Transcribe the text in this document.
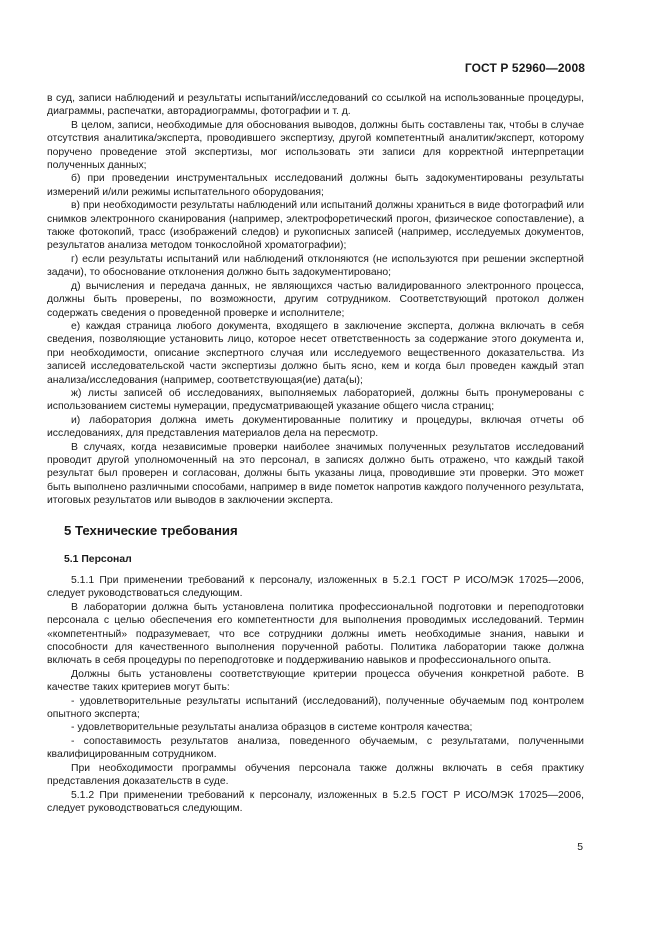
ГОСТ Р 52960—2008

в суд, записи наблюдений и результаты испытаний/исследований со ссылкой на использованные процедуры, диаграммы, распечатки, авторадиограммы, фотографии и т. д.

В целом, записи, необходимые для обоснования выводов, должны быть составлены так, чтобы в случае отсутствия аналитика/эксперта, проводившего экспертизу, другой компетентный аналитик/эксперт, которому поручено проведение этой экспертизы, мог использовать эти записи для корректной интерпретации полученных данных;

б) при проведении инструментальных исследований должны быть задокументированы результаты измерений и/или режимы испытательного оборудования;

в) при необходимости результаты наблюдений или испытаний должны храниться в виде фотографий или снимков электронного сканирования (например, электрофоретический прогон, физическое сопоставление), а также фотокопий, трасс (изображений следов) и рукописных записей (например, исследуемых документов, результатов анализа методом тонкослойной хроматографии);

г) если результаты испытаний или наблюдений отклоняются (не используются при решении экспертной задачи), то обоснование отклонения должно быть задокументировано;

д) вычисления и передача данных, не являющихся частью валидированного электронного процесса, должны быть проверены, по возможности, другим сотрудником. Соответствующий протокол должен содержать сведения о проведенной проверке и исполнителе;

е) каждая страница любого документа, входящего в заключение эксперта, должна включать в себя сведения, позволяющие установить лицо, которое несет ответственность за содержание этого документа и, при необходимости, описание экспертного случая или исследуемого вещественного доказательства. Из записей исследовательской части экспертизы должно быть ясно, кем и когда был проведен каждый этап анализа/исследования (например, соответствующая(ие) дата(ы);

ж) листы записей об исследованиях, выполняемых лабораторией, должны быть пронумерованы с использованием системы нумерации, предусматривающей указание общего числа страниц;

и) лаборатория должна иметь документированные политику и процедуры, включая отчеты об исследованиях, для представления материалов дела на пересмотр.

В случаях, когда независимые проверки наиболее значимых полученных результатов исследований проводит другой уполномоченный на это персонал, в записях должно быть отражено, что каждый такой результат был проверен и согласован, должны быть указаны лица, проводившие эти проверки. Это может быть выполнено различными способами, например в виде пометок напротив каждого полученного результата, итоговых результатов или выводов в заключении эксперта.

5 Технические требования
5.1 Персонал

5.1.1 При применении требований к персоналу, изложенных в 5.2.1 ГОСТ Р ИСО/МЭК 17025—2006, следует руководствоваться следующим.

В лаборатории должна быть установлена политика профессиональной подготовки и переподготовки персонала с целью обеспечения его компетентности для выполнения проводимых исследований. Термин «компетентный» подразумевает, что все сотрудники должны иметь необходимые знания, навыки и способности для качественного выполнения порученной работы. Политика лаборатории также должна включать в себя процедуры по переподготовке и поддерживанию навыков и профессионального опыта.

Должны быть установлены соответствующие критерии процесса обучения конкретной работе. В качестве таких критериев могут быть:

- удовлетворительные результаты испытаний (исследований), полученные обучаемым под контролем опытного эксперта;

- удовлетворительные результаты анализа образцов в системе контроля качества;

- сопоставимость результатов анализа, поведенного обучаемым, с результатами, полученными квалифицированным сотрудником.

При необходимости программы обучения персонала также должны включать в себя практику представления доказательств в суде.

5.1.2 При применении требований к персоналу, изложенных в 5.2.5 ГОСТ Р ИСО/МЭК 17025—2006, следует руководствоваться следующим.

5
